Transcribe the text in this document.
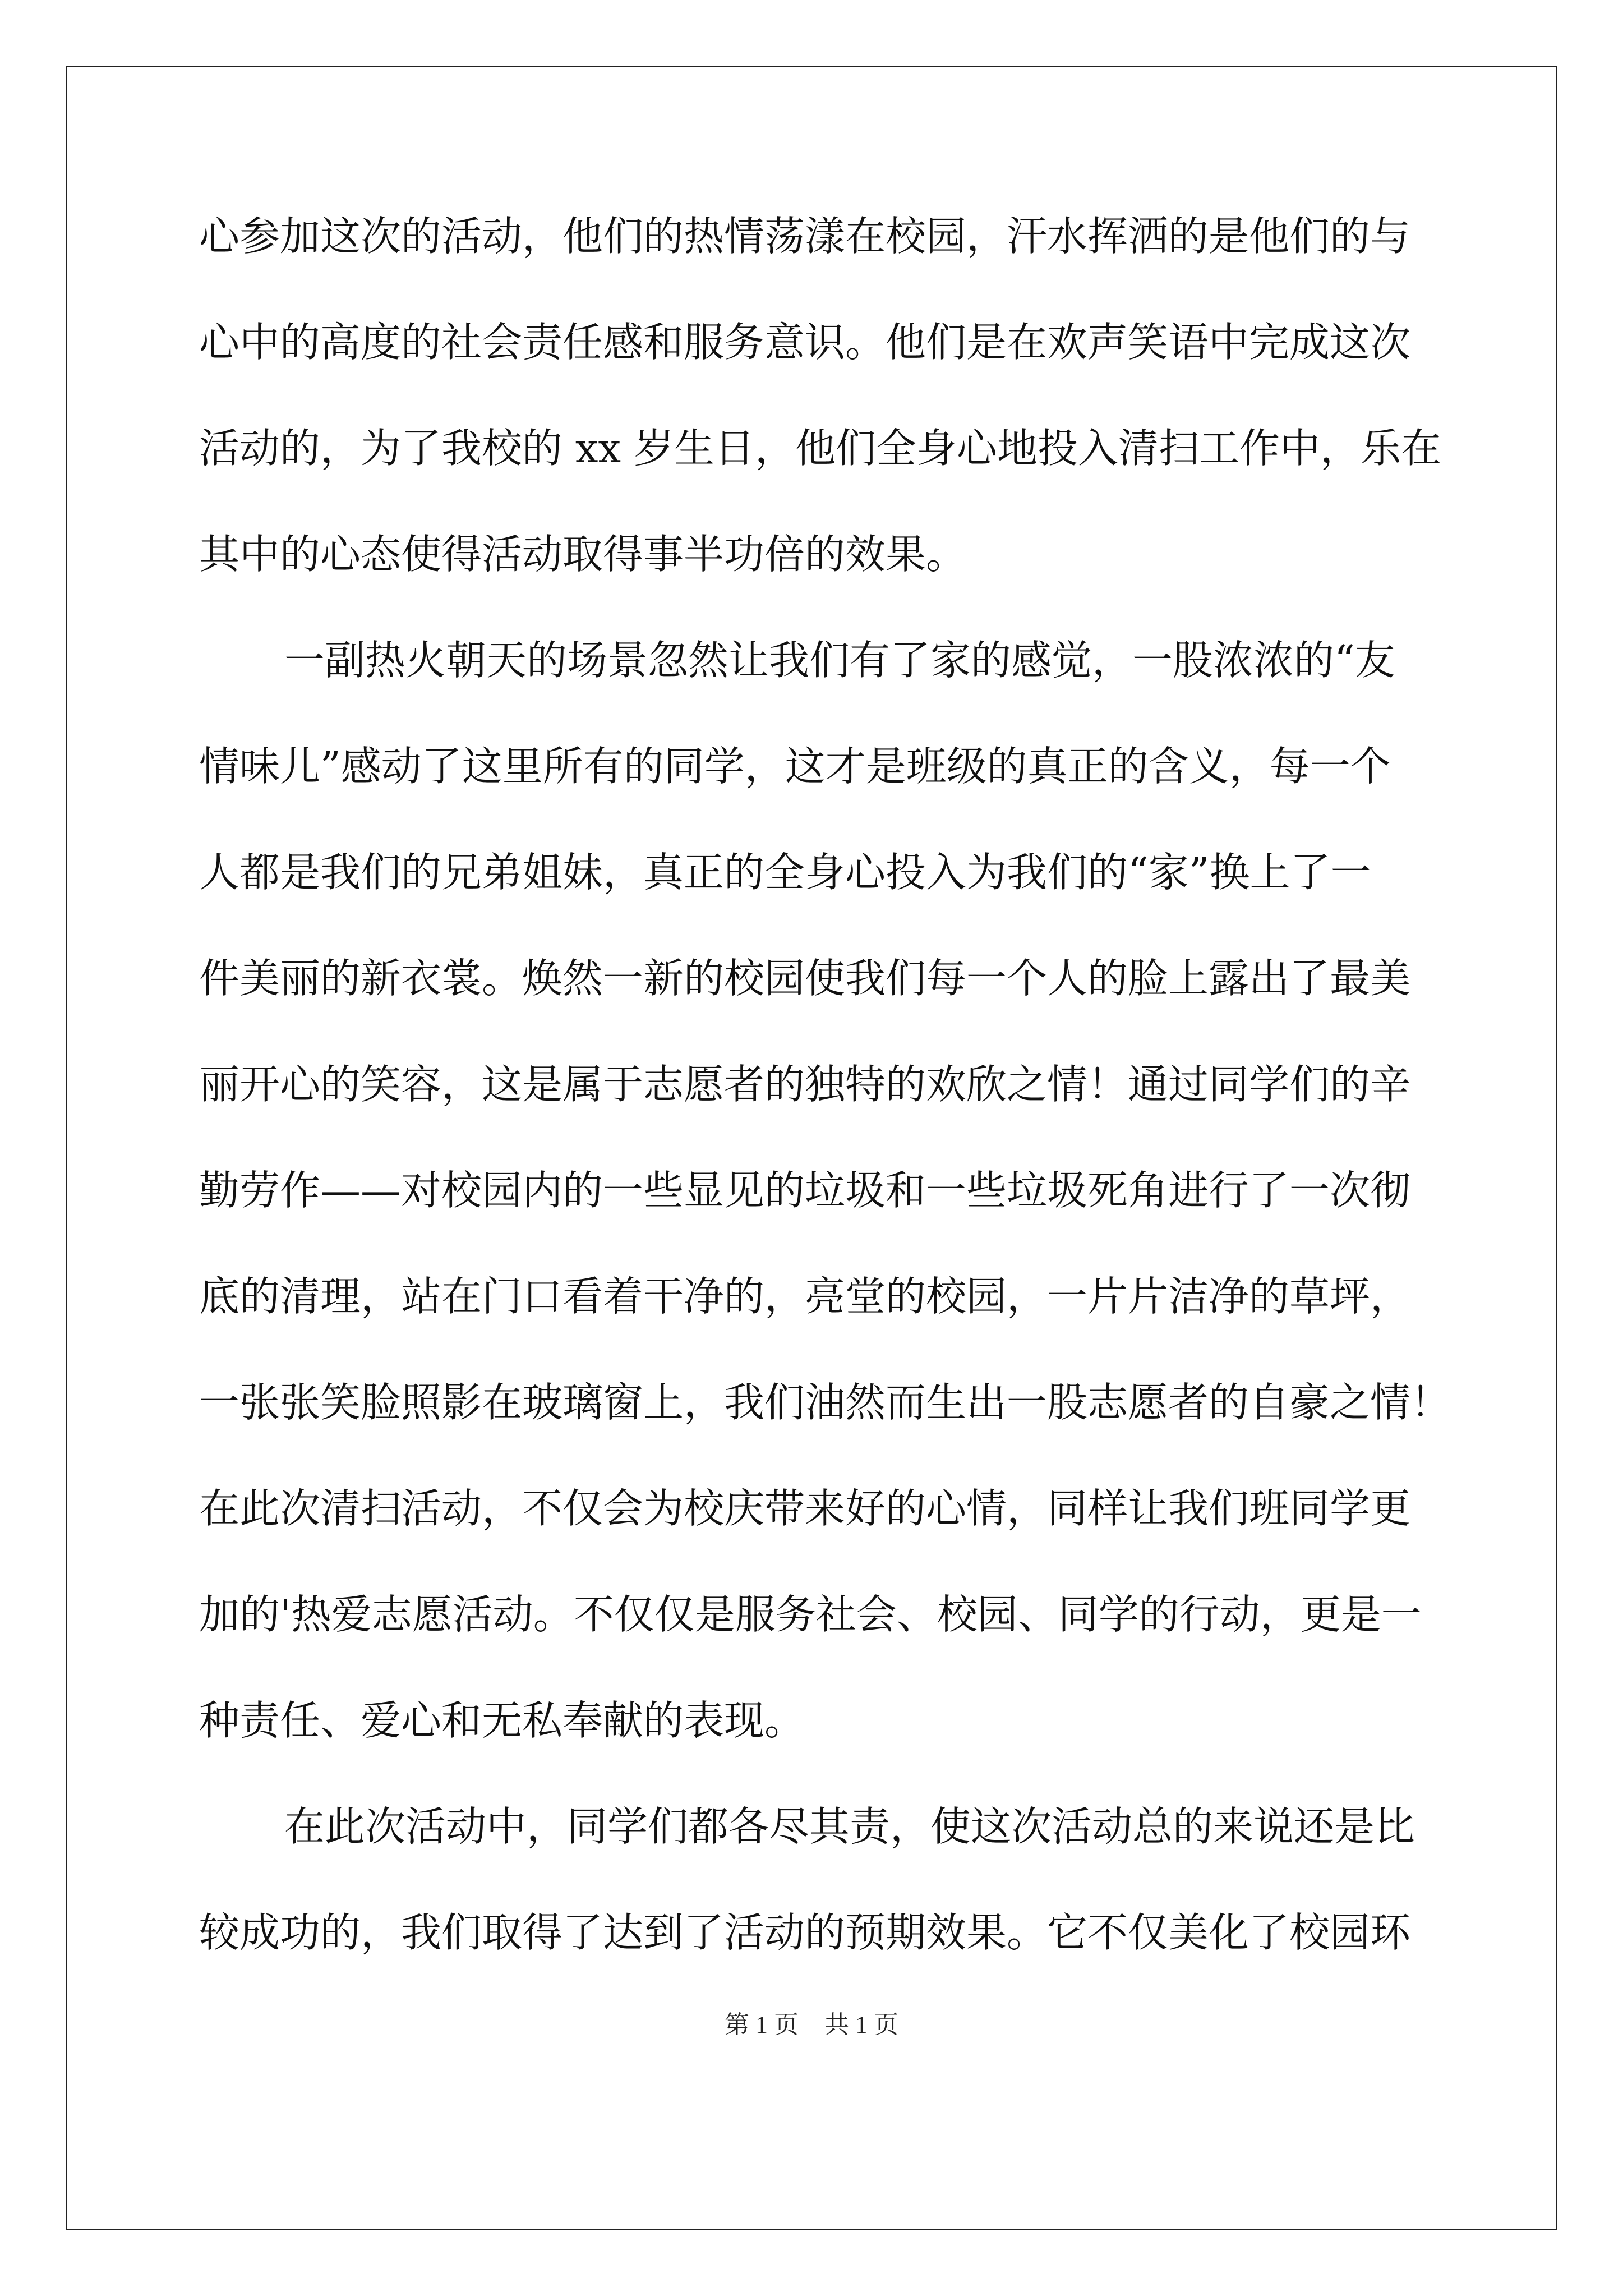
心参加这次的活动，他们的热情荡漾在校园，汗水挥洒的是他们的与
心中的高度的社会责任感和服务意识。他们是在欢声笑语中完成这次
活动的，为了我校的 xx 岁生日，他们全身心地投入清扫工作中，乐在
其中的心态使得活动取得事半功倍的效果。
一副热火朝天的场景忽然让我们有了家的感觉，一股浓浓的“友
情味儿”感动了这里所有的同学，这才是班级的真正的含义，每一个
人都是我们的兄弟姐妹，真正的全身心投入为我们的“家”换上了一
件美丽的新衣裳。焕然一新的校园使我们每一个人的脸上露出了最美
丽开心的笑容，这是属于志愿者的独特的欢欣之情！通过同学们的辛
勤劳作——对校园内的一些显见的垃圾和一些垃圾死角进行了一次彻
底的清理，站在门口看着干净的，亮堂的校园，一片片洁净的草坪，
一张张笑脸照影在玻璃窗上，我们油然而生出一股志愿者的自豪之情！
在此次清扫活动，不仅会为校庆带来好的心情，同样让我们班同学更
加的'热爱志愿活动。不仅仅是服务社会、校园、同学的行动，更是一
种责任、爱心和无私奉献的表现。
在此次活动中，同学们都各尽其责，使这次活动总的来说还是比
较成功的，我们取得了达到了活动的预期效果。它不仅美化了校园环
第 1 页 共 1 页
